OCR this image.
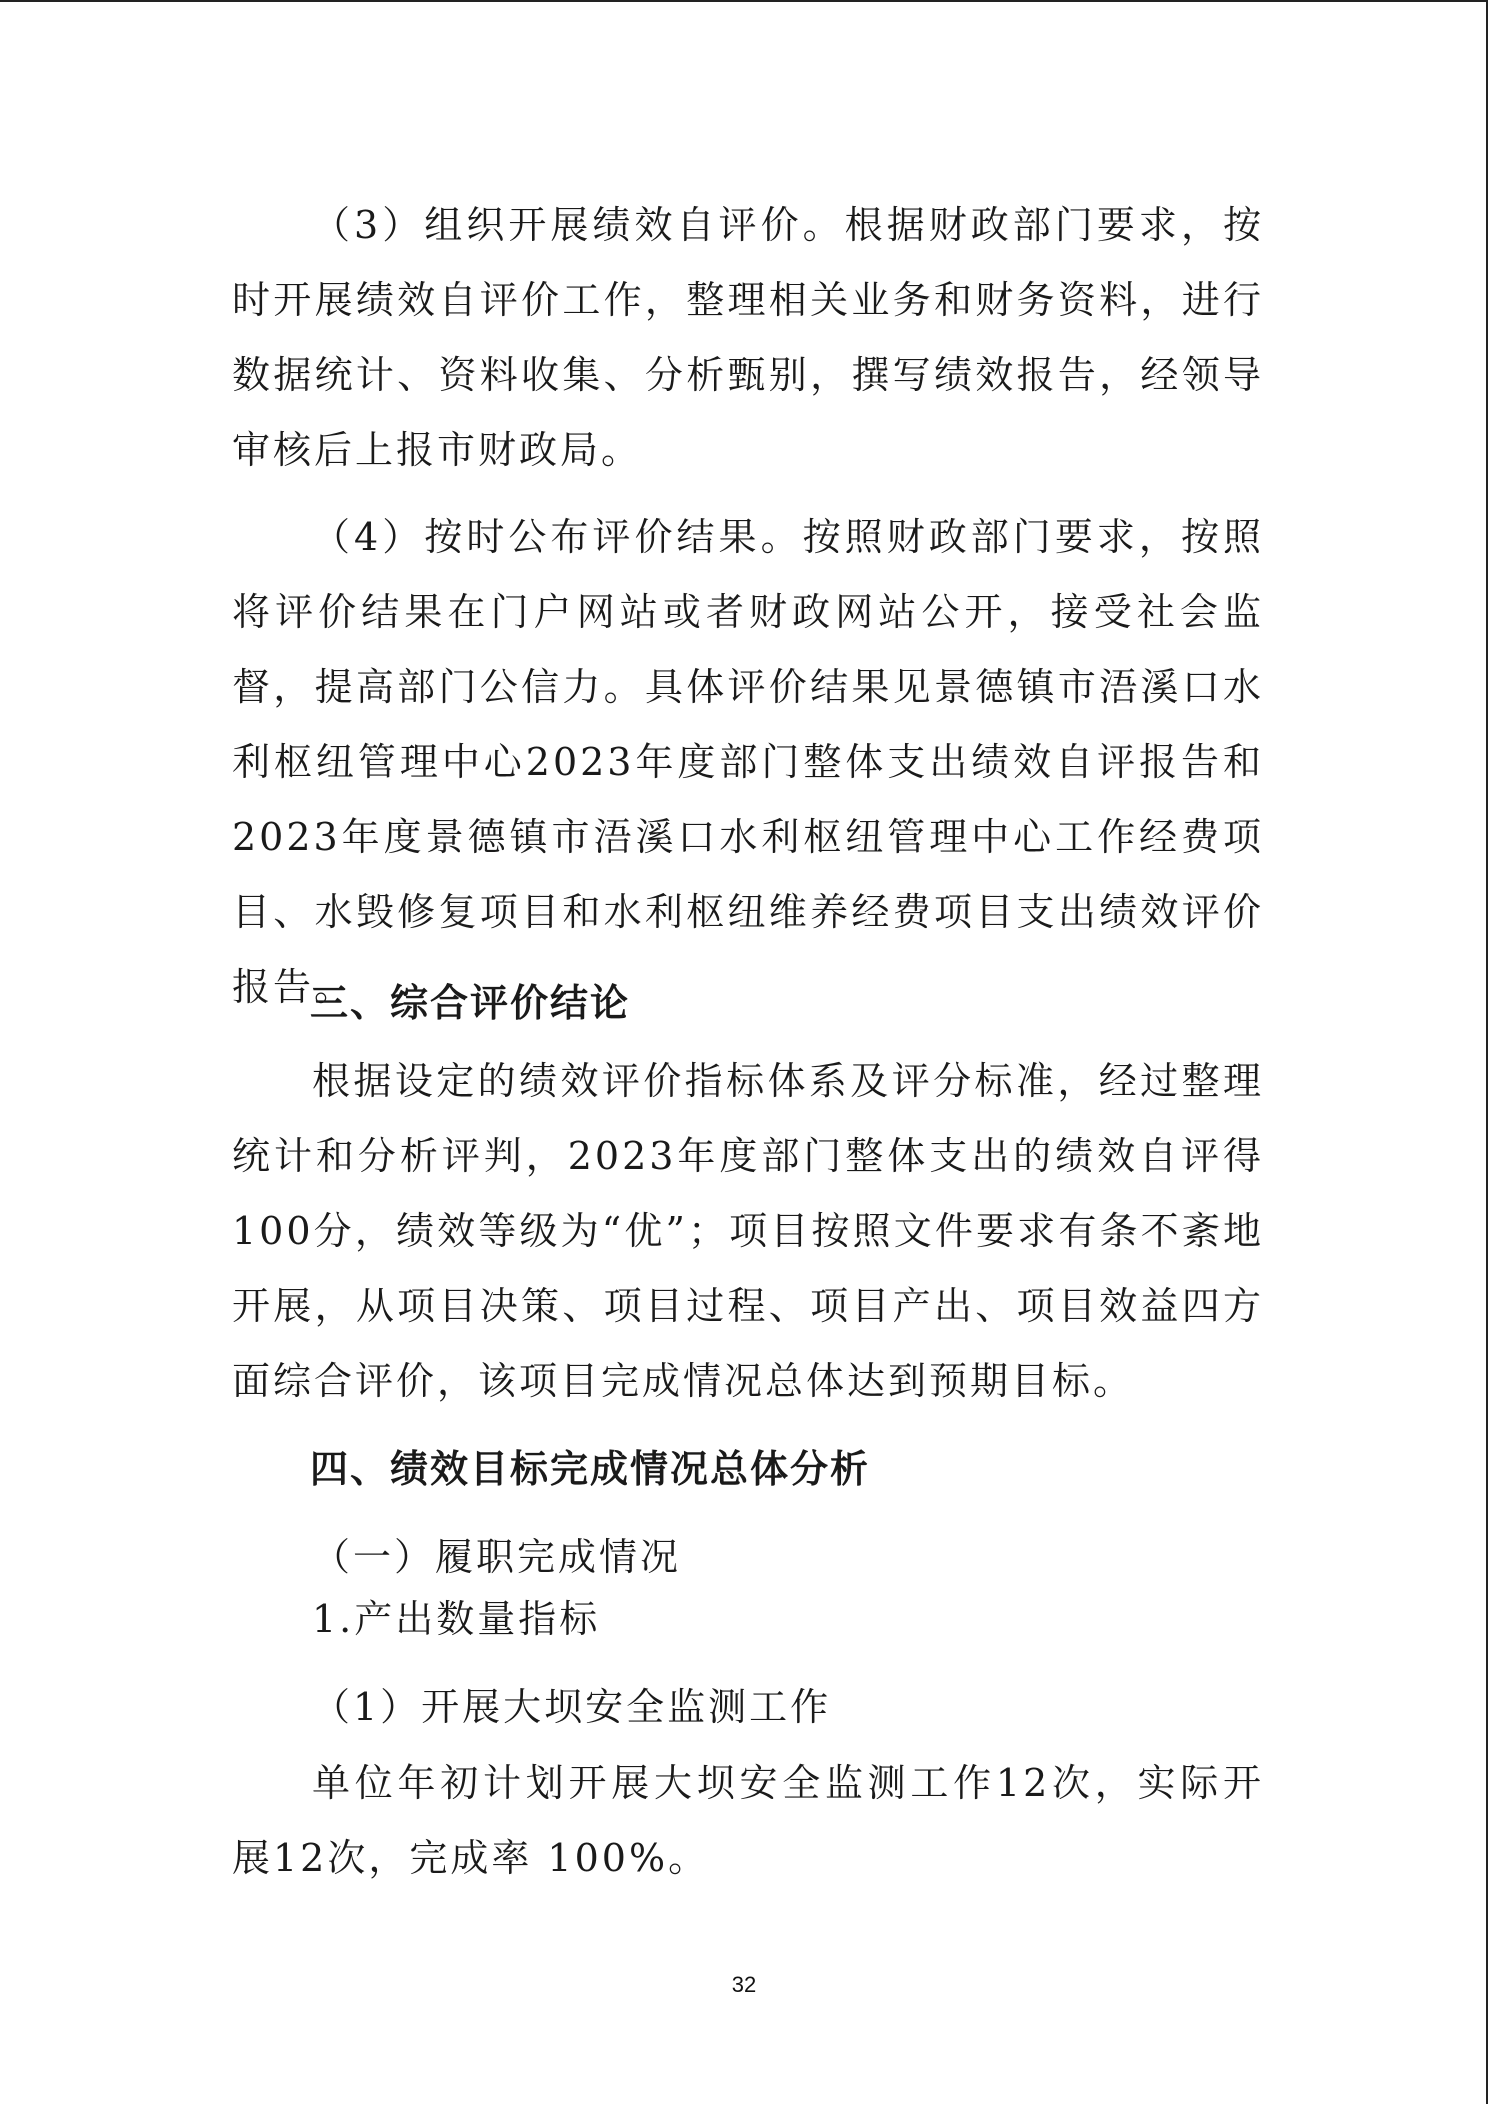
（3）组织开展绩效自评价。根据财政部门要求，按时开展绩效自评价工作，整理相关业务和财务资料，进行数据统计、资料收集、分析甄别，撰写绩效报告，经领导审核后上报市财政局。

（4）按时公布评价结果。按照财政部门要求，按照将评价结果在门户网站或者财政网站公开，接受社会监督，提高部门公信力。具体评价结果见景德镇市浯溪口水利枢纽管理中心2023年度部门整体支出绩效自评报告和2023年度景德镇市浯溪口水利枢纽管理中心工作经费项目、水毁修复项目和水利枢纽维养经费项目支出绩效评价报告。

三、综合评价结论

根据设定的绩效评价指标体系及评分标准，经过整理统计和分析评判，2023年度部门整体支出的绩效自评得100分，绩效等级为“优”；项目按照文件要求有条不紊地开展，从项目决策、项目过程、项目产出、项目效益四方面综合评价，该项目完成情况总体达到预期目标。

四、绩效目标完成情况总体分析

（一）履职完成情况

1.产出数量指标

（1）开展大坝安全监测工作

单位年初计划开展大坝安全监测工作12次，实际开展12次，完成率 100%。

32
